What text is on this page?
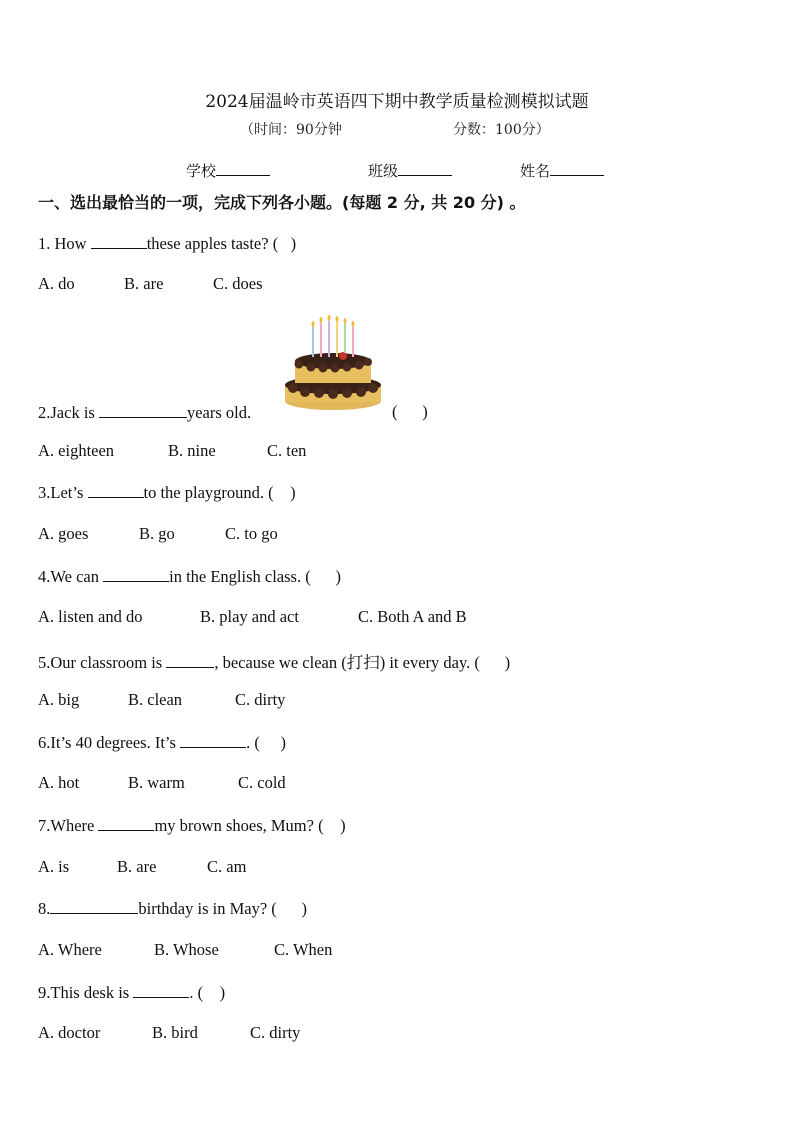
2024届温岭市英语四下期中教学质量检测模拟试题
（时间：90分钟	分数：100分）
学校	班级	姓名
一、选出最恰当的一项，完成下列各小题。(每题 2 分, 共 20 分) 。
1. How	these apples taste? ( )
A. do	B. are	C. does
2.Jack is	years old.	( )
A. eighteen	B. nine	C. ten
3.Let’s	to the playground. ( )
A. goes	B. go	C. to go
4.We can	in the English class. ( )
A. listen and do	B. play and act	C. Both A and B
5.Our classroom is	, because we clean (打扫) it every day. ( )
A. big	B. clean	C. dirty
6.It’s 40 degrees. It’s	. ( )
A. hot	B. warm	C. cold
7.Where	my brown shoes, Mum? ( )
A. is	B. are	C. am
8.	birthday is in May? ( )
A. Where	B. Whose	C. When
9.This desk is	. ( )
A. doctor	B. bird	C. dirty
